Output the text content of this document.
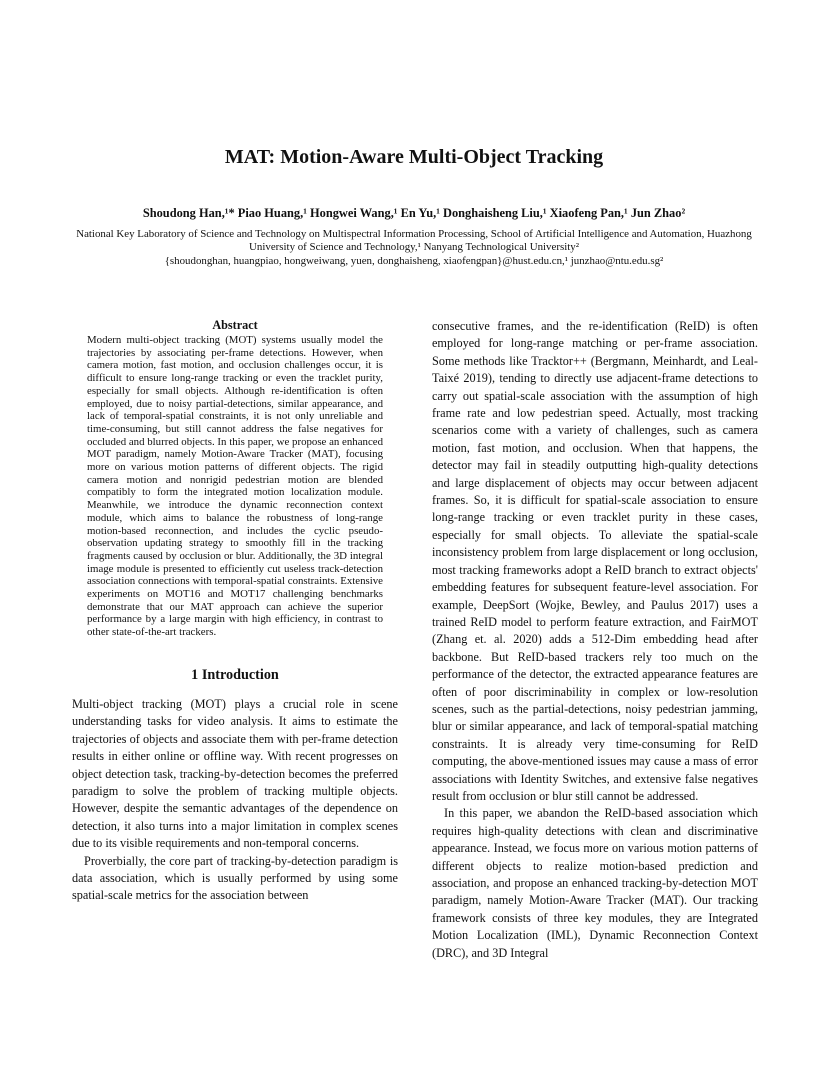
MAT: Motion-Aware Multi-Object Tracking

Shoudong Han,¹* Piao Huang,¹ Hongwei Wang,¹ En Yu,¹ Donghaisheng Liu,¹ Xiaofeng Pan,¹ Jun Zhao²

National Key Laboratory of Science and Technology on Multispectral Information Processing, School of Artificial Intelligence and Automation, Huazhong University of Science and Technology,¹ Nanyang Technological University²
{shoudonghan, huangpiao, hongweiwang, yuen, donghaisheng, xiaofengpan}@hust.edu.cn,¹ junzhao@ntu.edu.sg²
Abstract

Modern multi-object tracking (MOT) systems usually model the trajectories by associating per-frame detections. However, when camera motion, fast motion, and occlusion challenges occur, it is difficult to ensure long-range tracking or even the tracklet purity, especially for small objects. Although re-identification is often employed, due to noisy partial-detections, similar appearance, and lack of temporal-spatial constraints, it is not only unreliable and time-consuming, but still cannot address the false negatives for occluded and blurred objects. In this paper, we propose an enhanced MOT paradigm, namely Motion-Aware Tracker (MAT), focusing more on various motion patterns of different objects. The rigid camera motion and nonrigid pedestrian motion are blended compatibly to form the integrated motion localization module. Meanwhile, we introduce the dynamic reconnection context module, which aims to balance the robustness of long-range motion-based reconnection, and includes the cyclic pseudo-observation updating strategy to smoothly fill in the tracking fragments caused by occlusion or blur. Additionally, the 3D integral image module is presented to efficiently cut useless track-detection association connections with temporal-spatial constraints. Extensive experiments on MOT16 and MOT17 challenging benchmarks demonstrate that our MAT approach can achieve the superior performance by a large margin with high efficiency, in contrast to other state-of-the-art trackers.

1 Introduction

Multi-object tracking (MOT) plays a crucial role in scene understanding tasks for video analysis. It aims to estimate the trajectories of objects and associate them with per-frame detection results in either online or offline way. With recent progresses on object detection task, tracking-by-detection becomes the preferred paradigm to solve the problem of tracking multiple objects. However, despite the semantic advantages of the dependence on detection, it also turns into a major limitation in complex scenes due to its visible requirements and non-temporal concerns.

Proverbially, the core part of tracking-by-detection paradigm is data association, which is usually performed by using some spatial-scale metrics for the association between

consecutive frames, and the re-identification (ReID) is often employed for long-range matching or per-frame association. Some methods like Tracktor++ (Bergmann, Meinhardt, and Leal-Taixé 2019), tending to directly use adjacent-frame detections to carry out spatial-scale association with the assumption of high frame rate and low pedestrian speed. Actually, most tracking scenarios come with a variety of challenges, such as camera motion, fast motion, and occlusion. When that happens, the detector may fail in steadily outputting high-quality detections and large displacement of objects may occur between adjacent frames. So, it is difficult for spatial-scale association to ensure long-range tracking or even tracklet purity in these cases, especially for small objects. To alleviate the spatial-scale inconsistency problem from large displacement or long occlusion, most tracking frameworks adopt a ReID branch to extract objects' embedding features for subsequent feature-level association. For example, DeepSort (Wojke, Bewley, and Paulus 2017) uses a trained ReID model to perform feature extraction, and FairMOT (Zhang et. al. 2020) adds a 512-Dim embedding head after backbone. But ReID-based trackers rely too much on the performance of the detector, the extracted appearance features are often of poor discriminability in complex or low-resolution scenes, such as the partial-detections, noisy pedestrian jamming, blur or similar appearance, and lack of temporal-spatial matching constraints. It is already very time-consuming for ReID computing, the above-mentioned issues may cause a mass of error associations with Identity Switches, and extensive false negatives result from occlusion or blur still cannot be addressed.

In this paper, we abandon the ReID-based association which requires high-quality detections with clean and discriminative appearance. Instead, we focus more on various motion patterns of different objects to realize motion-based prediction and association, and propose an enhanced tracking-by-detection MOT paradigm, namely Motion-Aware Tracker (MAT). Our tracking framework consists of three key modules, they are Integrated Motion Localization (IML), Dynamic Reconnection Context (DRC), and 3D Integral
